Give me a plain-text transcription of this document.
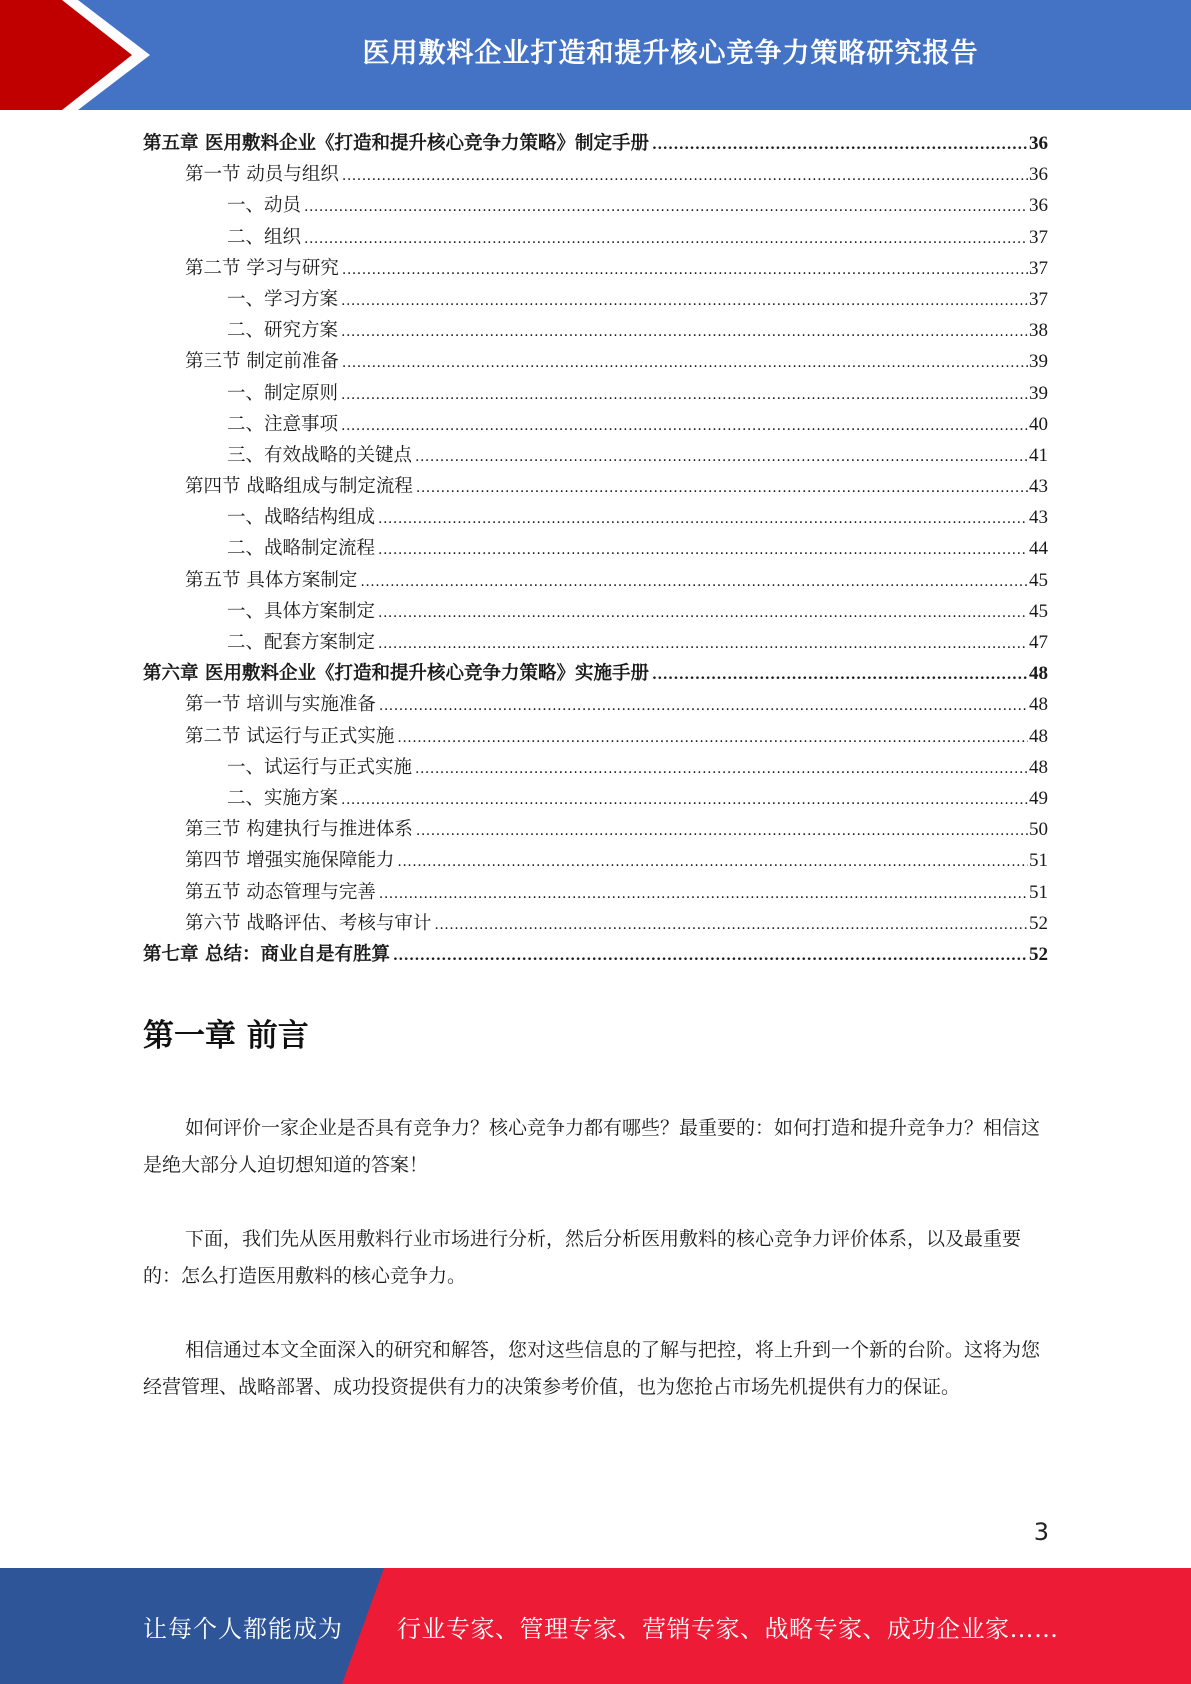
医用敷料企业打造和提升核心竞争力策略研究报告
第五章 医用敷料企业《打造和提升核心竞争力策略》制定手册 .....	36
第一节 动员与组织 .....	36
一、动员 .....	36
二、组织 .....	37
第二节 学习与研究 .....	37
一、学习方案 .....	37
二、研究方案 .....	38
第三节 制定前准备 .....	39
一、制定原则 .....	39
二、注意事项 .....	40
三、有效战略的关键点 .....	41
第四节 战略组成与制定流程 .....	43
一、战略结构组成 .....	43
二、战略制定流程 .....	44
第五节 具体方案制定 .....	45
一、具体方案制定 .....	45
二、配套方案制定 .....	47
第六章 医用敷料企业《打造和提升核心竞争力策略》实施手册 .....	48
第一节 培训与实施准备 .....	48
第二节 试运行与正式实施 .....	48
一、试运行与正式实施 .....	48
二、实施方案 .....	49
第三节 构建执行与推进体系 .....	50
第四节 增强实施保障能力 .....	51
第五节 动态管理与完善 .....	51
第六节 战略评估、考核与审计 .....	52
第七章 总结：商业自是有胜算 .....	52
第一章 前言

如何评价一家企业是否具有竞争力？核心竞争力都有哪些？最重要的：如何打造和提升竞争力？相信这是绝大部分人迫切想知道的答案！

下面，我们先从医用敷料行业市场进行分析，然后分析医用敷料的核心竞争力评价体系，以及最重要的：怎么打造医用敷料的核心竞争力。

相信通过本文全面深入的研究和解答，您对这些信息的了解与把控，将上升到一个新的台阶。这将为您经营管理、战略部署、成功投资提供有力的决策参考价值，也为您抢占市场先机提供有力的保证。

3
让每个人都能成为 行业专家、管理专家、营销专家、战略专家、成功企业家……
